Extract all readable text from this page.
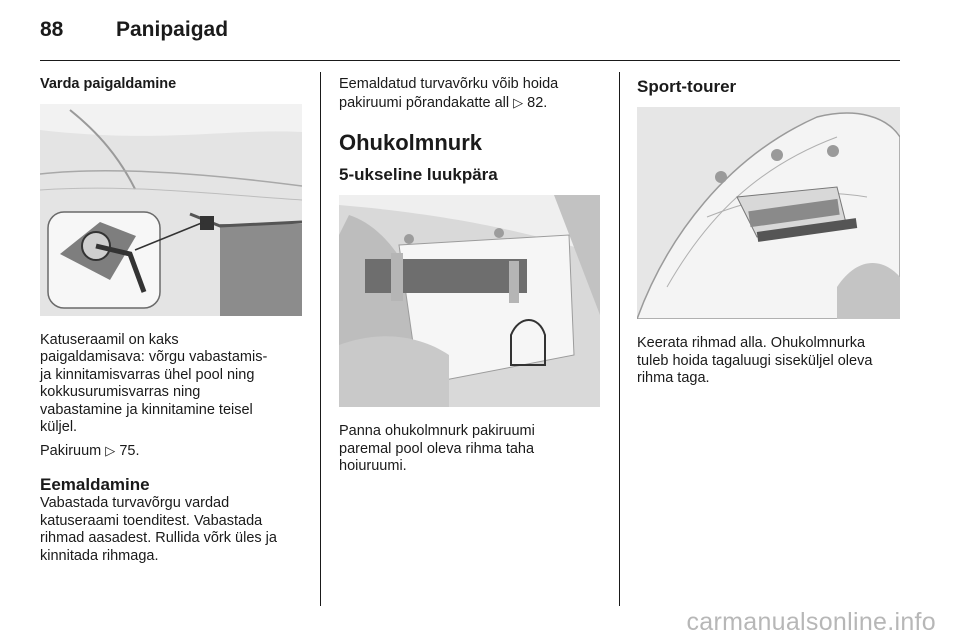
88	Panipaigad

Varda paigaldamine

Katuseraamil on kaks

paigaldamisava: võrgu vabastamis-

ja kinnitamisvarras ühel pool ning

kokkusurumisvarras ning

vabastamine ja kinnitamine teisel

küljel.

Pakiruum ▷ 75.

Eemaldamine

Vabastada turvavõrgu vardad

katuseraami toenditest. Vabastada

rihmad aasadest. Rullida võrk üles ja

kinnitada rihmaga.

Eemaldatud turvavõrku võib hoida

pakiruumi põrandakatte all ▷ 82.

Ohukolmnurk

5-ukseline luukpära

Panna ohukolmnurk pakiruumi

paremal pool oleva rihma taha

hoiuruumi.

Sport-tourer

Keerata rihmad alla. Ohukolmnurka

tuleb hoida tagaluugi siseküljel oleva

rihma taga.

carmanualsonline.info
